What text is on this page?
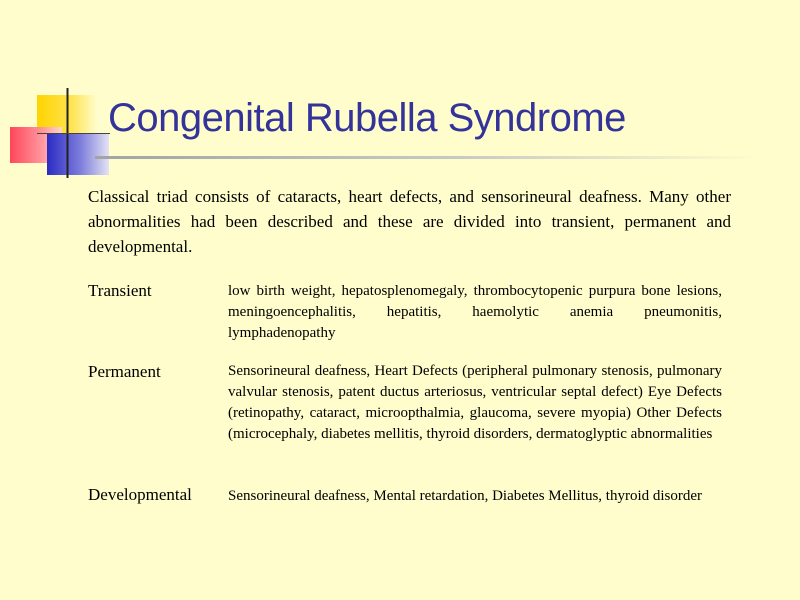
Congenital Rubella Syndrome

Classical triad consists of cataracts, heart defects, and sensorineural deafness. Many other abnormalities had been described and these are divided into transient, permanent and developmental.

Transient	low birth weight, hepatosplenomegaly, thrombocytopenic purpura bone lesions, meningoencephalitis, hepatitis, haemolytic anemia pneumonitis, lymphadenopathy

Permanent	Sensorineural deafness, Heart Defects (peripheral pulmonary stenosis, pulmonary valvular stenosis, patent ductus arteriosus, ventricular septal defect) Eye Defects (retinopathy, cataract, microopthalmia, glaucoma, severe myopia) Other Defects (microcephaly, diabetes mellitis, thyroid disorders, dermatoglyptic abnormalities

Developmental Sensorineural deafness, Mental retardation, Diabetes Mellitus, thyroid disorder
